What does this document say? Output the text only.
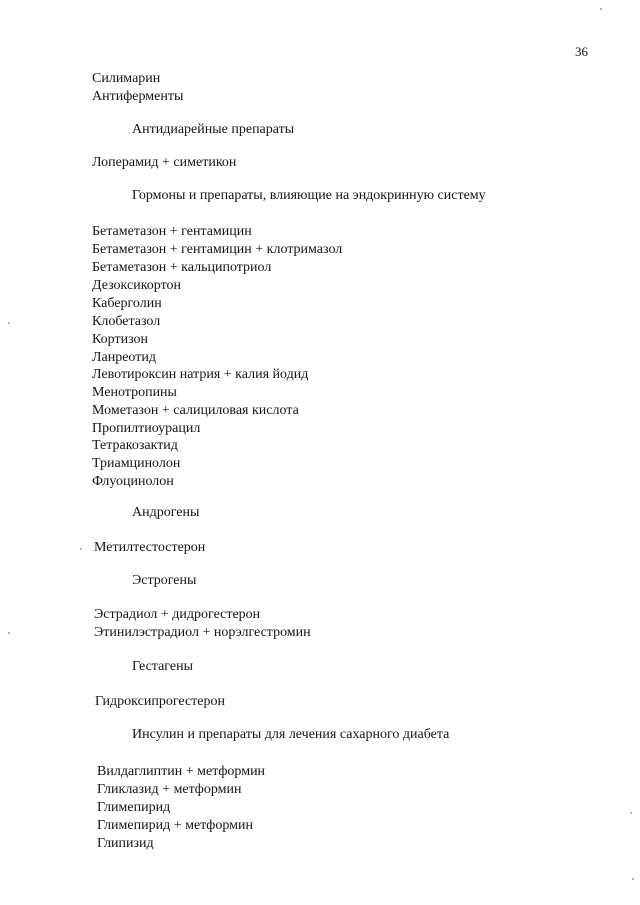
36

Силимарин

Антиферменты

Антидиарейные препараты

Лоперамид + симетикон

Гормоны и препараты, влияющие на эндокринную систему

Бетаметазон + гентамицин

Бетаметазон + гентамицин + клотримазол

Бетаметазон + кальципотриол

Дезоксикортон

Каберголин

Клобетазол

Кортизон

Ланреотид

Левотироксин натрия + калия йодид

Менотропины

Мометазон + салициловая кислота

Пропилтиоурацил

Тетракозактид

Триамцинолон

Флуоцинолон

Андрогены

Метилтестостерон

Эстрогены

Эстрадиол + дидрогестерон

Этинилэстрадиол + норэлгестромин

Гестагены

Гидроксипрогестерон

Инсулин и препараты для лечения сахарного диабета

Вилдаглиптин + метформин

Гликлазид + метформин

Глимепирид

Глимепирид + метформин

Глипизид
